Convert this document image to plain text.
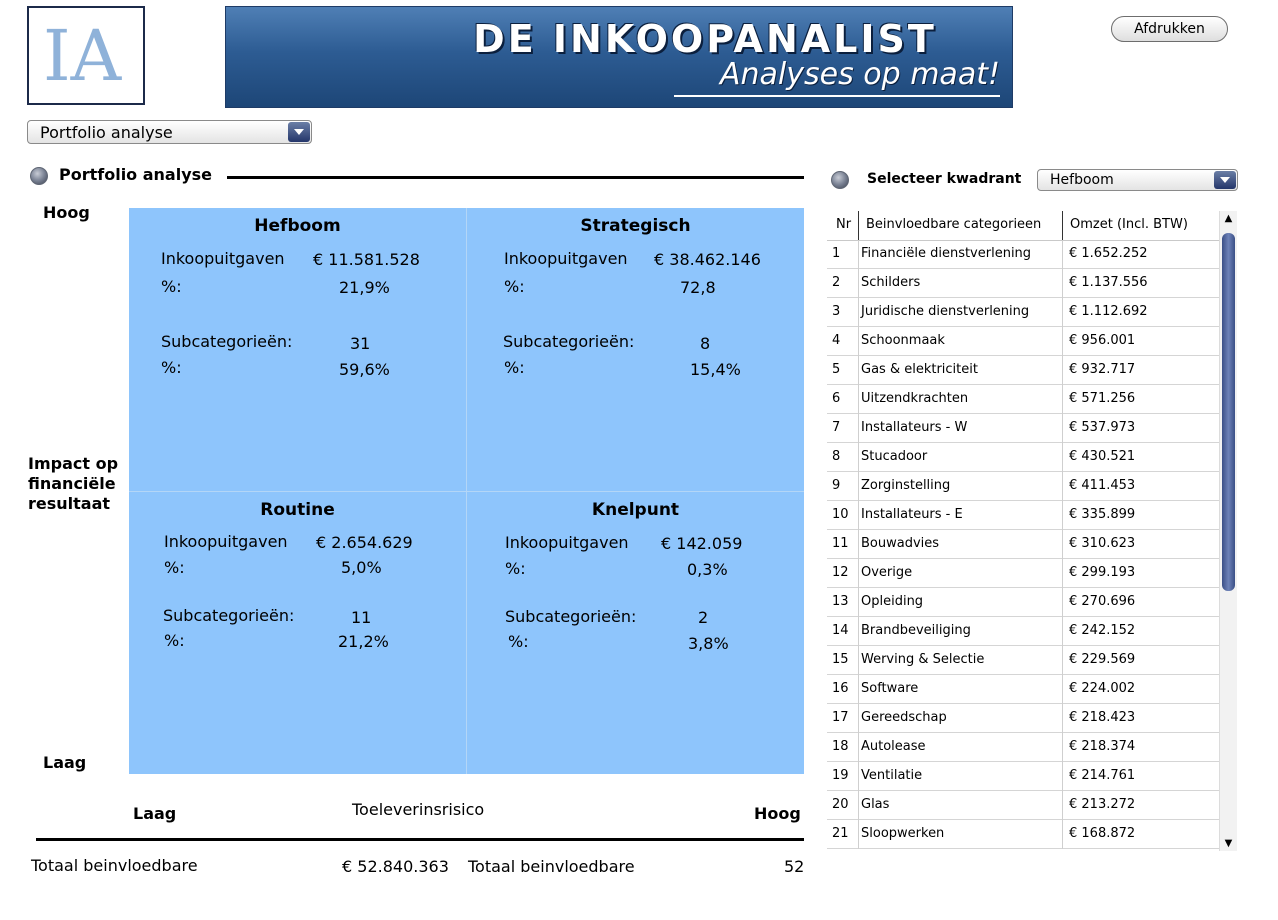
IA	DE INKOOPANALIST
Analyses op maat!
Afdrukken
Portfolio analyse
Portfolio analyse
Hoog
Impact op
financiële
resultaat
Laag
Hefboom
Inkoopuitgaven € 11.581.528
%:	21,9%
Subcategorieën:	31
%:	59,6%
Strategisch
Inkoopuitgaven € 38.462.146
%:	72,8
Subcategorieën:	8
%:	15,4%
Routine
Inkoopuitgaven € 2.654.629
%:	5,0%
Subcategorieën:	11
%:	21,2%
Knelpunt
Inkoopuitgaven € 142.059
%:	0,3%
Subcategorieën:	2
%:	3,8%
Laag	Toeleverinsrisico	Hoog
Totaal beinvloedbare	€ 52.840.363 Totaal beinvloedbare	52
Selecteer kwadrant Hefboom
Nr Beinvloedbare categorieen Omzet (Incl. BTW)
1 Financiële dienstverlening	€ 1.652.252
2 Schilders	€ 1.137.556
3 Juridische dienstverlening	€ 1.112.692
4 Schoonmaak	€ 956.001
5 Gas & elektriciteit	€ 932.717
6 Uitzendkrachten	€ 571.256
7 Installateurs - W	€ 537.973
8 Stucadoor	€ 430.521
9 Zorginstelling	€ 411.453
10 Installateurs - E	€ 335.899
11 Bouwadvies	€ 310.623
12 Overige	€ 299.193
13 Opleiding	€ 270.696
14 Brandbeveiliging	€ 242.152
15 Werving & Selectie	€ 229.569
16 Software	€ 224.002
17 Gereedschap	€ 218.423
18 Autolease	€ 218.374
19 Ventilatie	€ 214.761
20 Glas	€ 213.272
21 Sloopwerken	€ 168.872
▲
▼
